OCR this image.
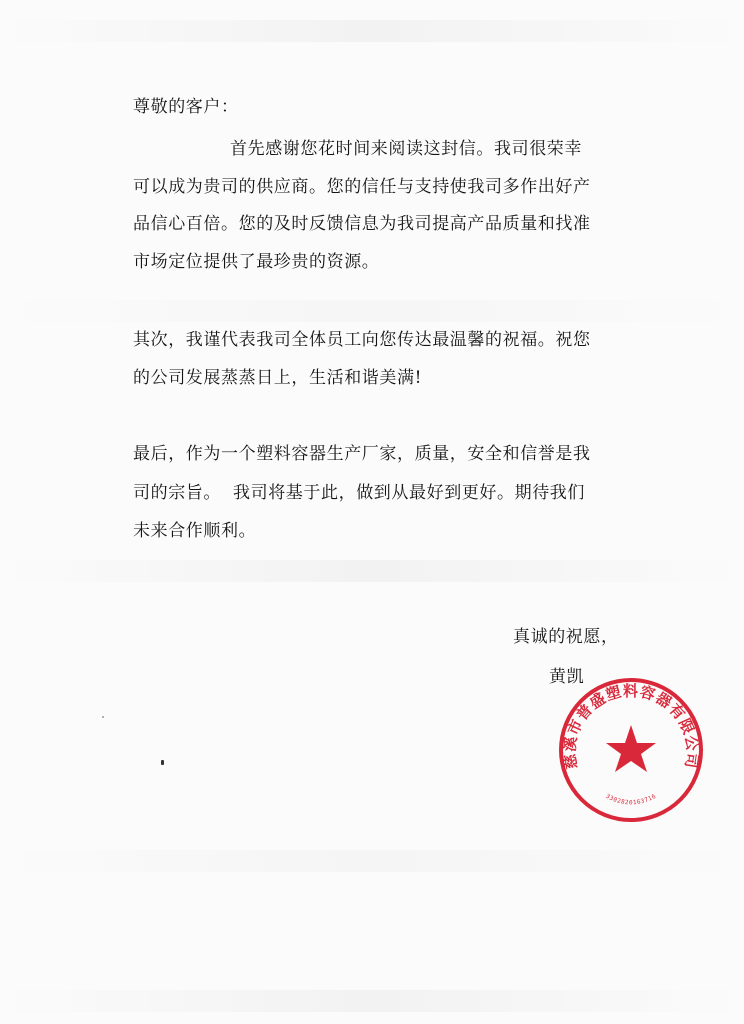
尊敬的客户：
首先感谢您花时间来阅读这封信。我司很荣幸
可以成为贵司的供应商。您的信任与支持使我司多作出好产
品信心百倍。您的及时反馈信息为我司提高产品质量和找准
市场定位提供了最珍贵的资源。
其次，我谨代表我司全体员工向您传达最温馨的祝福。祝您
的公司发展蒸蒸日上，生活和谐美满!
最后，作为一个塑料容器生产厂家，质量，安全和信誉是我
司的宗旨。  我司将基于此，做到从最好到更好。期待我们
未来合作顺利。
真诚的祝愿，
黄凯
慈溪市普盛塑料容器有限公司
3302820163716
